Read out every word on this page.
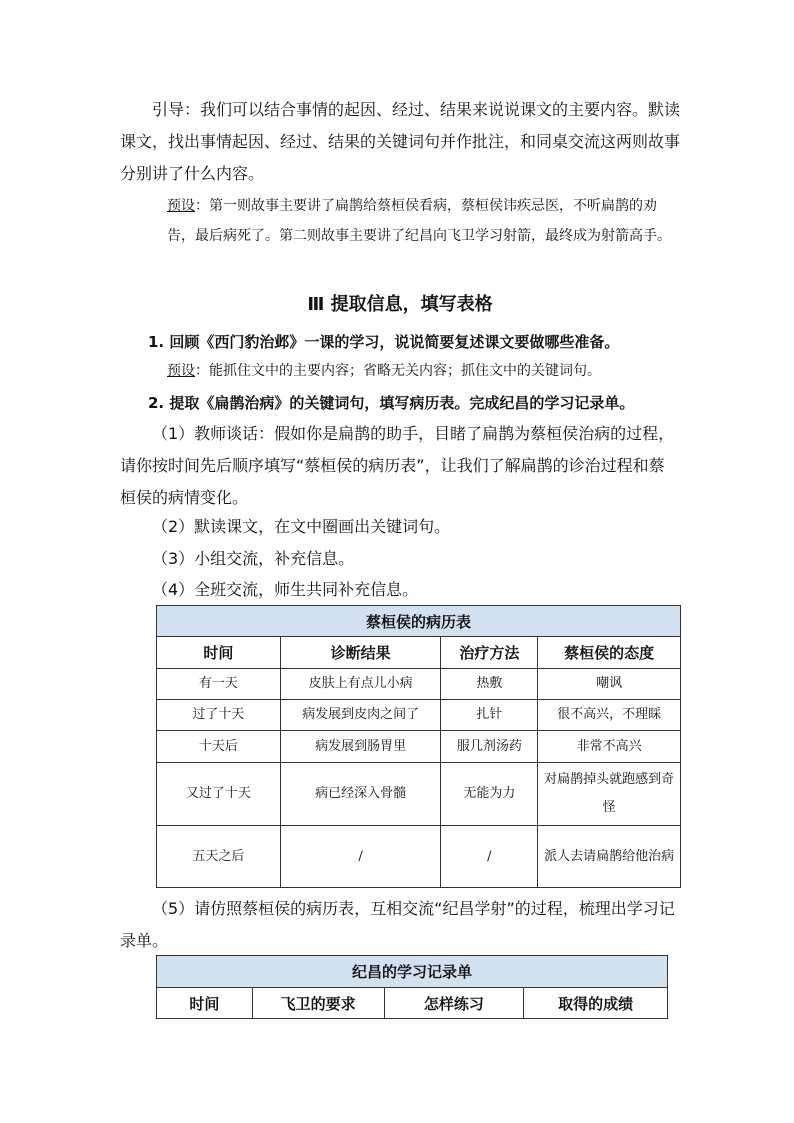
引导：我们可以结合事情的起因、经过、结果来说说课文的主要内容。默读课文，找出事情起因、经过、结果的关键词句并作批注，和同桌交流这两则故事分别讲了什么内容。
预设：第一则故事主要讲了扁鹊给蔡桓侯看病，蔡桓侯讳疾忌医，不听扁鹊的劝告，最后病死了。第二则故事主要讲了纪昌向飞卫学习射箭，最终成为射箭高手。
Ⅲ 提取信息，填写表格
1. 回顾《西门豹治邺》一课的学习，说说简要复述课文要做哪些准备。
预设：能抓住文中的主要内容；省略无关内容；抓住文中的关键词句。
2. 提取《扁鹊治病》的关键词句，填写病历表。完成纪昌的学习记录单。
（1）教师谈话：假如你是扁鹊的助手，目睹了扁鹊为蔡桓侯治病的过程，请你按时间先后顺序填写“蔡桓侯的病历表”，让我们了解扁鹊的诊治过程和蔡桓侯的病情变化。
（2）默读课文，在文中圈画出关键词句。
（3）小组交流，补充信息。
（4）全班交流，师生共同补充信息。
蔡桓侯的病历表			
时间	诊断结果	治疗方法	蔡桓侯的态度
有一天	皮肤上有点儿小病	热敷	嘲讽
过了十天	病发展到皮肉之间了	扎针	很不高兴，不理睬
十天后	病发展到肠胃里	服几剂汤药	非常不高兴
又过了十天	病已经深入骨髓	无能为力	对扁鹊掉头就跑感到奇怪
五天之后	/	/	派人去请扁鹊给他治病
（5）请仿照蔡桓侯的病历表，互相交流“纪昌学射”的过程，梳理出学习记录单。
纪昌的学习记录单
时间	飞卫的要求	怎样练习	取得的成绩
